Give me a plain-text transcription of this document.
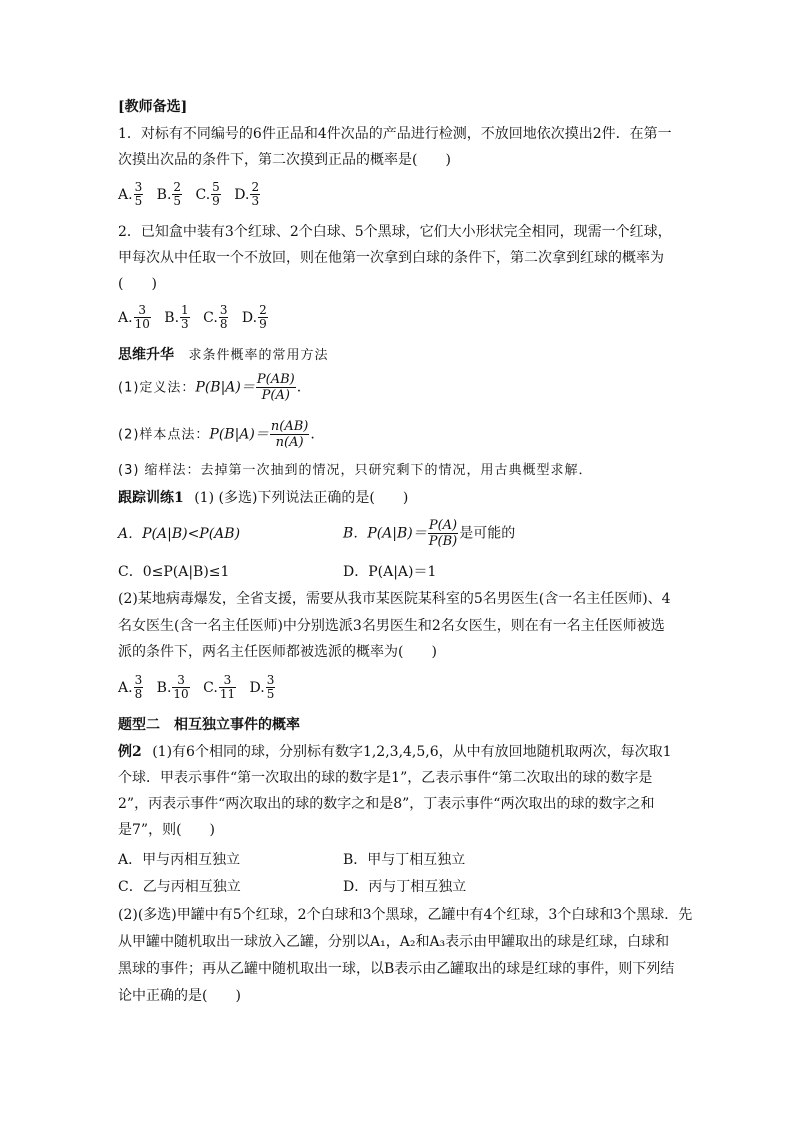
[教师备选]
1．对标有不同编号的6件正品和4件次品的产品进行检测，不放回地依次摸出2件．在第一
次摸出次品的条件下，第二次摸到正品的概率是(　　)
A. $\frac{3}{5}$
B. $\frac{2}{5}$
C. $\frac{5}{9}$
D. $\frac{2}{3}$
2．已知盒中装有3个红球、2个白球、5个黑球，它们大小形状完全相同，现需一个红球，
甲每次从中任取一个不放回，则在他第一次拿到白球的条件下，第二次拿到红球的概率为
(　　)
A. $\frac{3}{10}$
B. $\frac{1}{3}$
C. $\frac{3}{8}$
D. $\frac{2}{9}$
思维升华 求条件概率的常用方法
(1)定义法：$P(B|A)= \frac{P(AB)}{P(A)}$ .
(2)样本点法：$P(B|A)= \frac{n(AB)}{n(A)}$ .
(3) 缩样法：去掉第一次抽到的情况，只研究剩下的情况，用古典概型求解．
跟踪训练1 (1) (多选)下列说法正确的是(　　)
A．P(A|B)<P(AB)	B．$P(A|B)= \frac{P(A)}{P(B)}$ 是可能的
C．0≤P(A|B)≤1	D．P(A|A)＝1
(2)某地病毒爆发，全省支援，需要从我市某医院某科室的5名男医生(含一名主任医师)、4
名女医生(含一名主任医师)中分别选派3名男医生和2名女医生，则在有一名主任医师被选
派的条件下，两名主任医师都被选派的概率为(　　)
A. $\frac{3}{8}$
B. $\frac{3}{10}$
C. $\frac{3}{11}$
D. $\frac{3}{5}$
题型二　相互独立事件的概率
例2 (1)有6个相同的球，分别标有数字1,2,3,4,5,6，从中有放回地随机取两次，每次取1
个球．甲表示事件“第一次取出的球的数字是1”，乙表示事件“第二次取出的球的数字是
2”，丙表示事件“两次取出的球的数字之和是8”，丁表示事件“两次取出的球的数字之和
是7”，则(　　)
A．甲与丙相互独立	B．甲与丁相互独立
C．乙与丙相互独立	D．丙与丁相互独立
(2)(多选)甲罐中有5个红球，2个白球和3个黑球，乙罐中有4个红球，3个白球和3个黑球．先
从甲罐中随机取出一球放入乙罐，分别以A₁，A₂和A₃表示由甲罐取出的球是红球，白球和
黑球的事件；再从乙罐中随机取出一球，以B表示由乙罐取出的球是红球的事件，则下列结
论中正确的是(　　)
